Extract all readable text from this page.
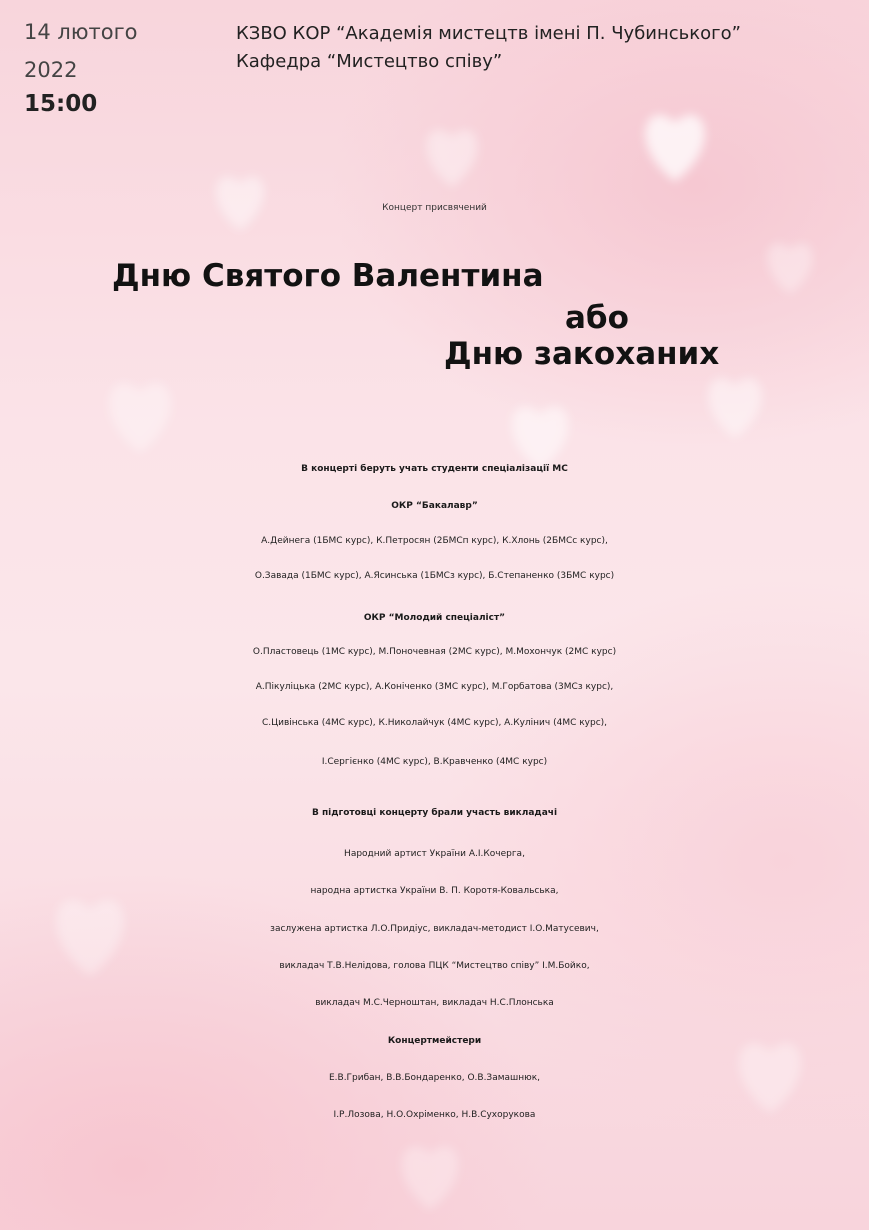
14 лютого

2022

15:00

КЗВО КОР “Академія мистецтв імені П. Чубинського”

Кафедра “Мистецтво співу”

Концерт присвячений

Дню Святого Валентина

або

Дню закоханих

В концерті беруть учать студенти спеціалізації МС

ОКР “Бакалавр”

А.Дейнега (1БМС курс), К.Петросян (2БМСп курс), К.Хлонь (2БМСс курс),

О.Завада (1БМС курс), А.Ясинська (1БМСз курс), Б.Степаненко (3БМС курс)

ОКР “Молодий спеціаліст”

О.Пластовець (1МС курс), М.Поночевная (2МС курс), М.Мохончук (2МС курс)

А.Пікуліцька (2МС курс), А.Коніченко (3МС курс), М.Горбатова (3МСз курс),

С.Цивінська (4МС курс), К.Николайчук (4МС курс), А.Кулінич (4МС курс),

І.Сергієнко (4МС курс), В.Кравченко (4МС курс)

В підготовці концерту брали участь викладачі

Народний артист України А.І.Кочерга,

народна артистка України В. П. Коротя-Ковальська,

заслужена артистка Л.О.Придіус, викладач-методист І.О.Матусевич,

викладач Т.В.Нелідова, голова ПЦК “Мистецтво співу” І.М.Бойко,

викладач М.С.Черноштан, викладач Н.С.Плонська

Концертмейстери

Е.В.Грибан, В.В.Бондаренко, О.В.Замашнюк,

І.Р.Лозова, Н.О.Охріменко, Н.В.Сухорукова
